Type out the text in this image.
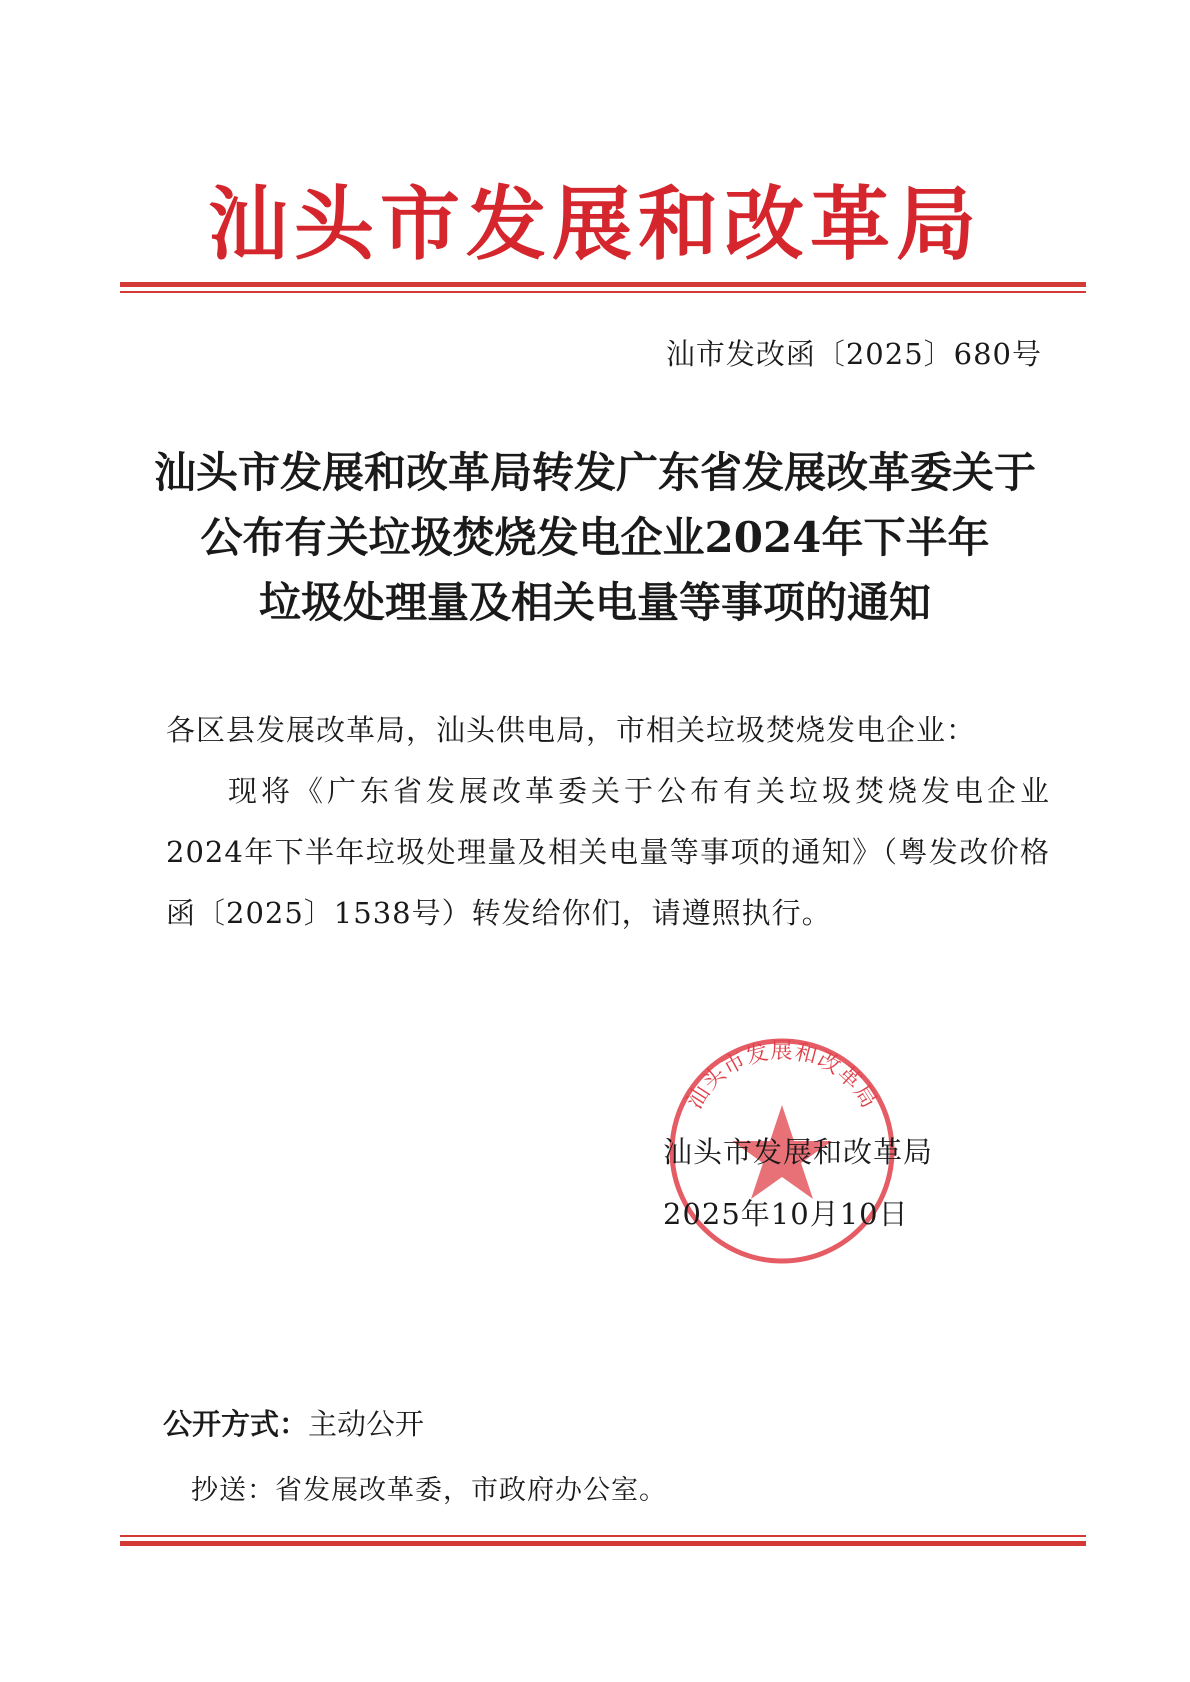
汕头市发展和改革局
汕市发改函〔2025〕680号
汕头市发展和改革局转发广东省发展改革委关于
公布有关垃圾焚烧发电企业2024年下半年
垃圾处理量及相关电量等事项的通知

各区县发展改革局，汕头供电局，市相关垃圾焚烧发电企业：

现将《广东省发展改革委关于公布有关垃圾焚烧发电企业2024年下半年垃圾处理量及相关电量等事项的通知》（粤发改价格函〔2025〕1538号）转发给你们，请遵照执行。

汕头市发展和改革局
汕头市发展和改革局
2025年10月10日
公开方式：主动公开
抄送：省发展改革委，市政府办公室。
